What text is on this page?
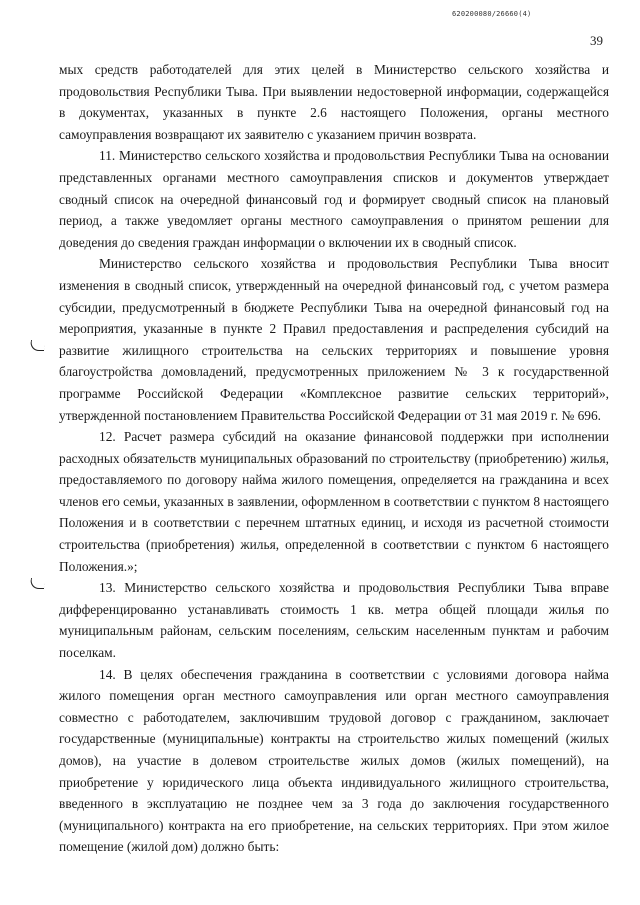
620200080/26660(4)
39

мых средств работодателей для этих целей в Министерство сельского хозяйства и продовольствия Республики Тыва. При выявлении недостоверной информации, содержащейся в документах, указанных в пункте 2.6 настоящего Положения, органы местного самоуправления возвращают их заявителю с указанием причин возврата.

11. Министерство сельского хозяйства и продовольствия Республики Тыва на основании представленных органами местного самоуправления списков и документов утверждает сводный список на очередной финансовый год и формирует сводный список на плановый период, а также уведомляет органы местного самоуправления о принятом решении для доведения до сведения граждан информации о включении их в сводный список.

Министерство сельского хозяйства и продовольствия Республики Тыва вносит изменения в сводный список, утвержденный на очередной финансовый год, с учетом размера субсидии, предусмотренный в бюджете Республики Тыва на очередной финансовый год на мероприятия, указанные в пункте 2 Правил предоставления и распределения субсидий на развитие жилищного строительства на сельских территориях и повышение уровня благоустройства домовладений, предусмотренных приложением № 3 к государственной программе Российской Федерации «Комплексное развитие сельских территорий», утвержденной постановлением Правительства Российской Федерации от 31 мая 2019 г. № 696.

12. Расчет размера субсидий на оказание финансовой поддержки при исполнении расходных обязательств муниципальных образований по строительству (приобретению) жилья, предоставляемого по договору найма жилого помещения, определяется на гражданина и всех членов его семьи, указанных в заявлении, оформленном в соответствии с пунктом 8 настоящего Положения и в соответствии с перечнем штатных единиц, и исходя из расчетной стоимости строительства (приобретения) жилья, определенной в соответствии с пунктом 6 настоящего Положения.»;

13. Министерство сельского хозяйства и продовольствия Республики Тыва вправе дифференцированно устанавливать стоимость 1 кв. метра общей площади жилья по муниципальным районам, сельским поселениям, сельским населенным пунктам и рабочим поселкам.

14. В целях обеспечения гражданина в соответствии с условиями договора найма жилого помещения орган местного самоуправления или орган местного самоуправления совместно с работодателем, заключившим трудовой договор с гражданином, заключает государственные (муниципальные) контракты на строительство жилых помещений (жилых домов), на участие в долевом строительстве жилых домов (жилых помещений), на приобретение у юридического лица объекта индивидуального жилищного строительства, введенного в эксплуатацию не позднее чем за 3 года до заключения государственного (муниципального) контракта на его приобретение, на сельских территориях. При этом жилое помещение (жилой дом) должно быть:
